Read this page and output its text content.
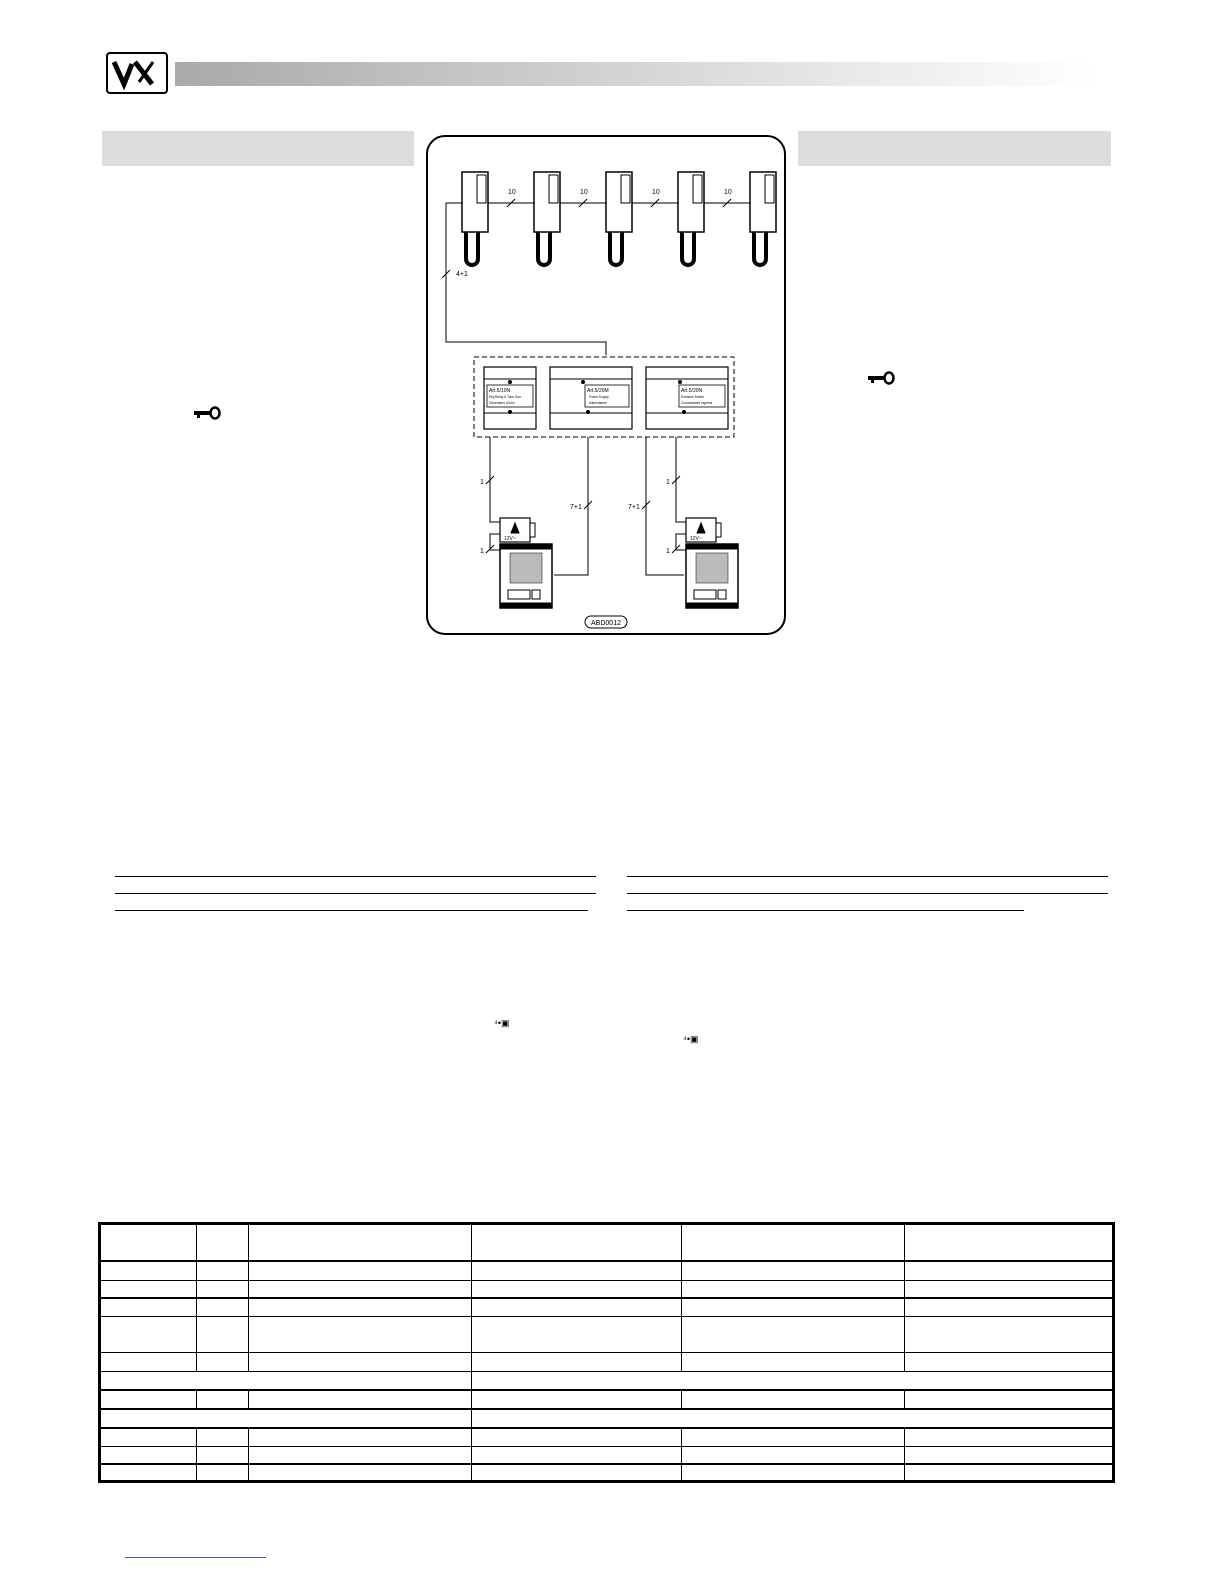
10	10	10	10
4+1
Art.5/10N
Key,Relay & Tone Gen.
Generatore di toni
Art.5/20M
Power Supply
Alimentatore
Art.5/20N
Entrance Switch
Commutatore ingressi
1
1
7+1	7+1
1
1
12V~	12V~
ABD0012
⁴•▣
⁴•▣
